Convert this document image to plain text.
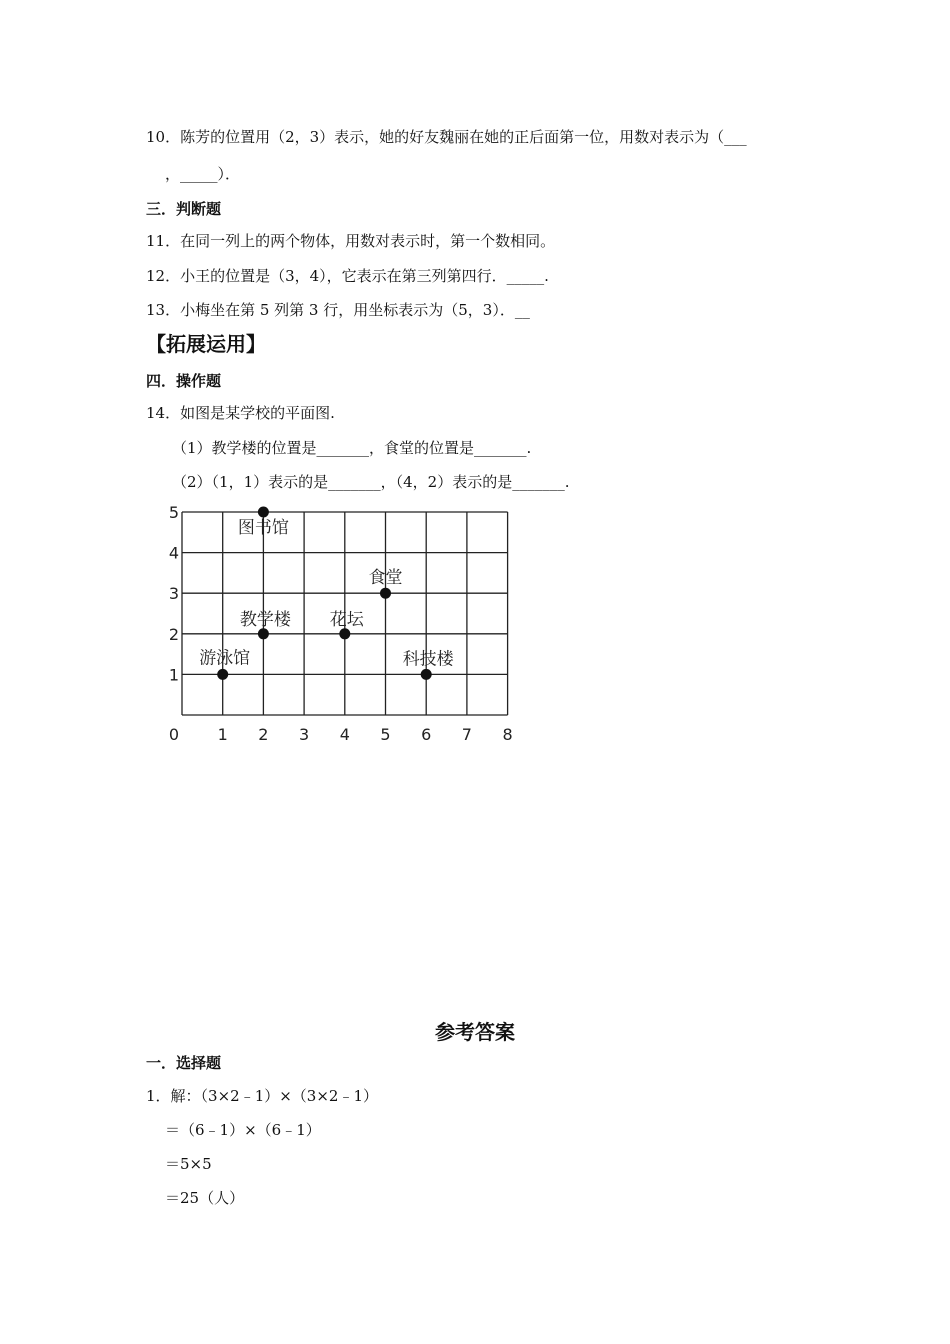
10．陈芳的位置用（2，3）表示，她的好友魏丽在她的正后面第一位，用数对表示为（___
，_____）．
三．判断题
11．在同一列上的两个物体，用数对表示时，第一个数相同。
12．小王的位置是（3，4），它表示在第三列第四行．_____.
13．小梅坐在第 5 列第 3 行，用坐标表示为（5，3）．__
【拓展运用】
四．操作题
14．如图是某学校的平面图.
（1）教学楼的位置是_______，食堂的位置是_______.
（2）（1，1）表示的是_______，（4，2）表示的是_______.
0 1 2 3 4 5 6 7 8
1
2
3
4
5
图书馆
食堂
教学楼 花坛
游泳馆	科技楼
参考答案
一．选择题
1．解：（3×2﹣1）×（3×2﹣1）
＝（6﹣1）×（6﹣1）
＝5×5
＝25（人）
